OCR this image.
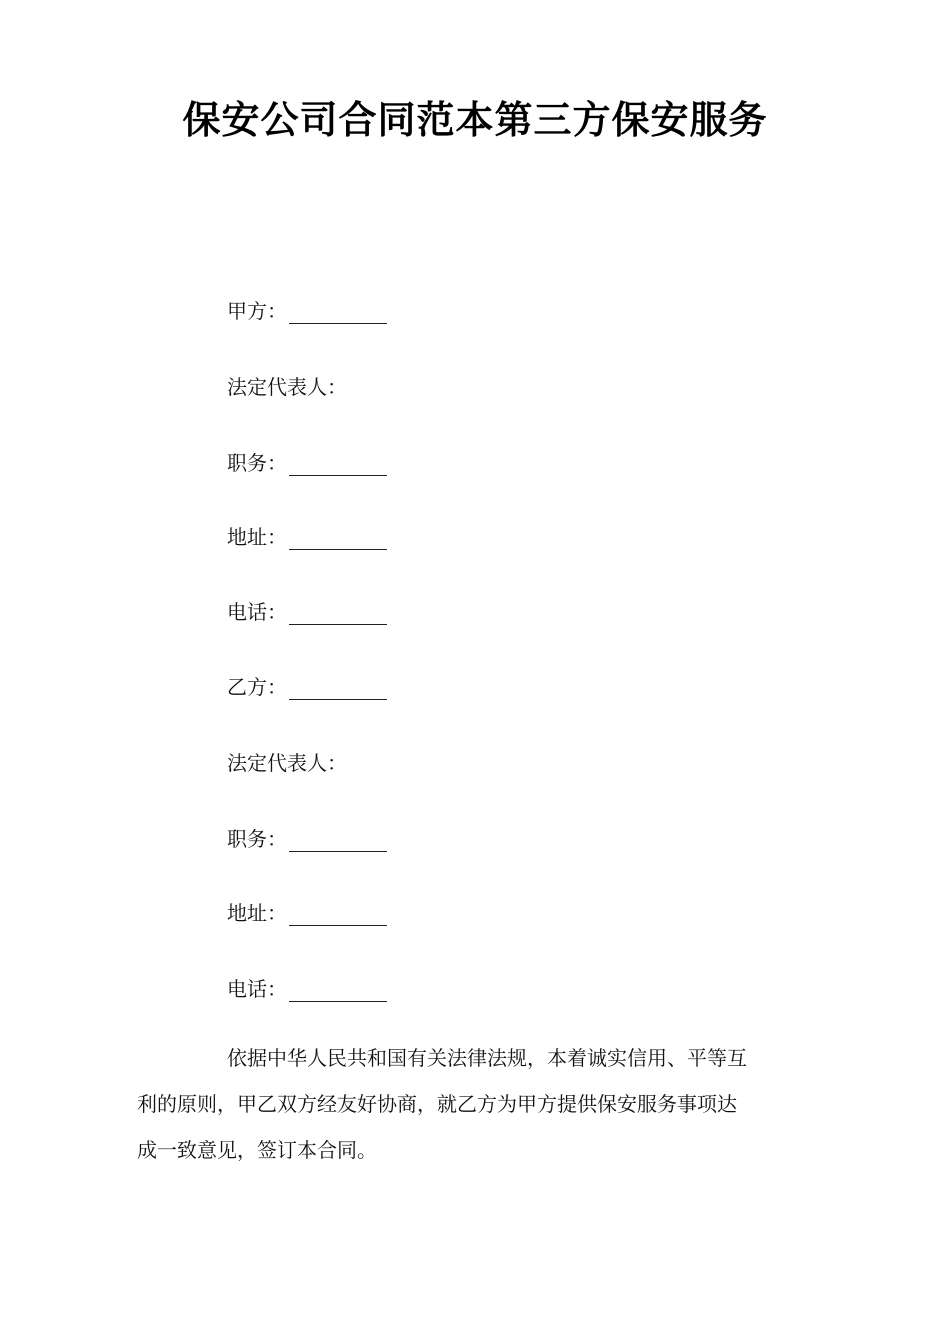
保安公司合同范本第三方保安服务
甲方：
法定代表人：
职务：
地址：
电话：
乙方：
法定代表人：
职务：
地址：
电话：
依据中华人民共和国有关法律法规，本着诚实信用、平等互
利的原则，甲乙双方经友好协商，就乙方为甲方提供保安服务事项达
成一致意见，签订本合同。
